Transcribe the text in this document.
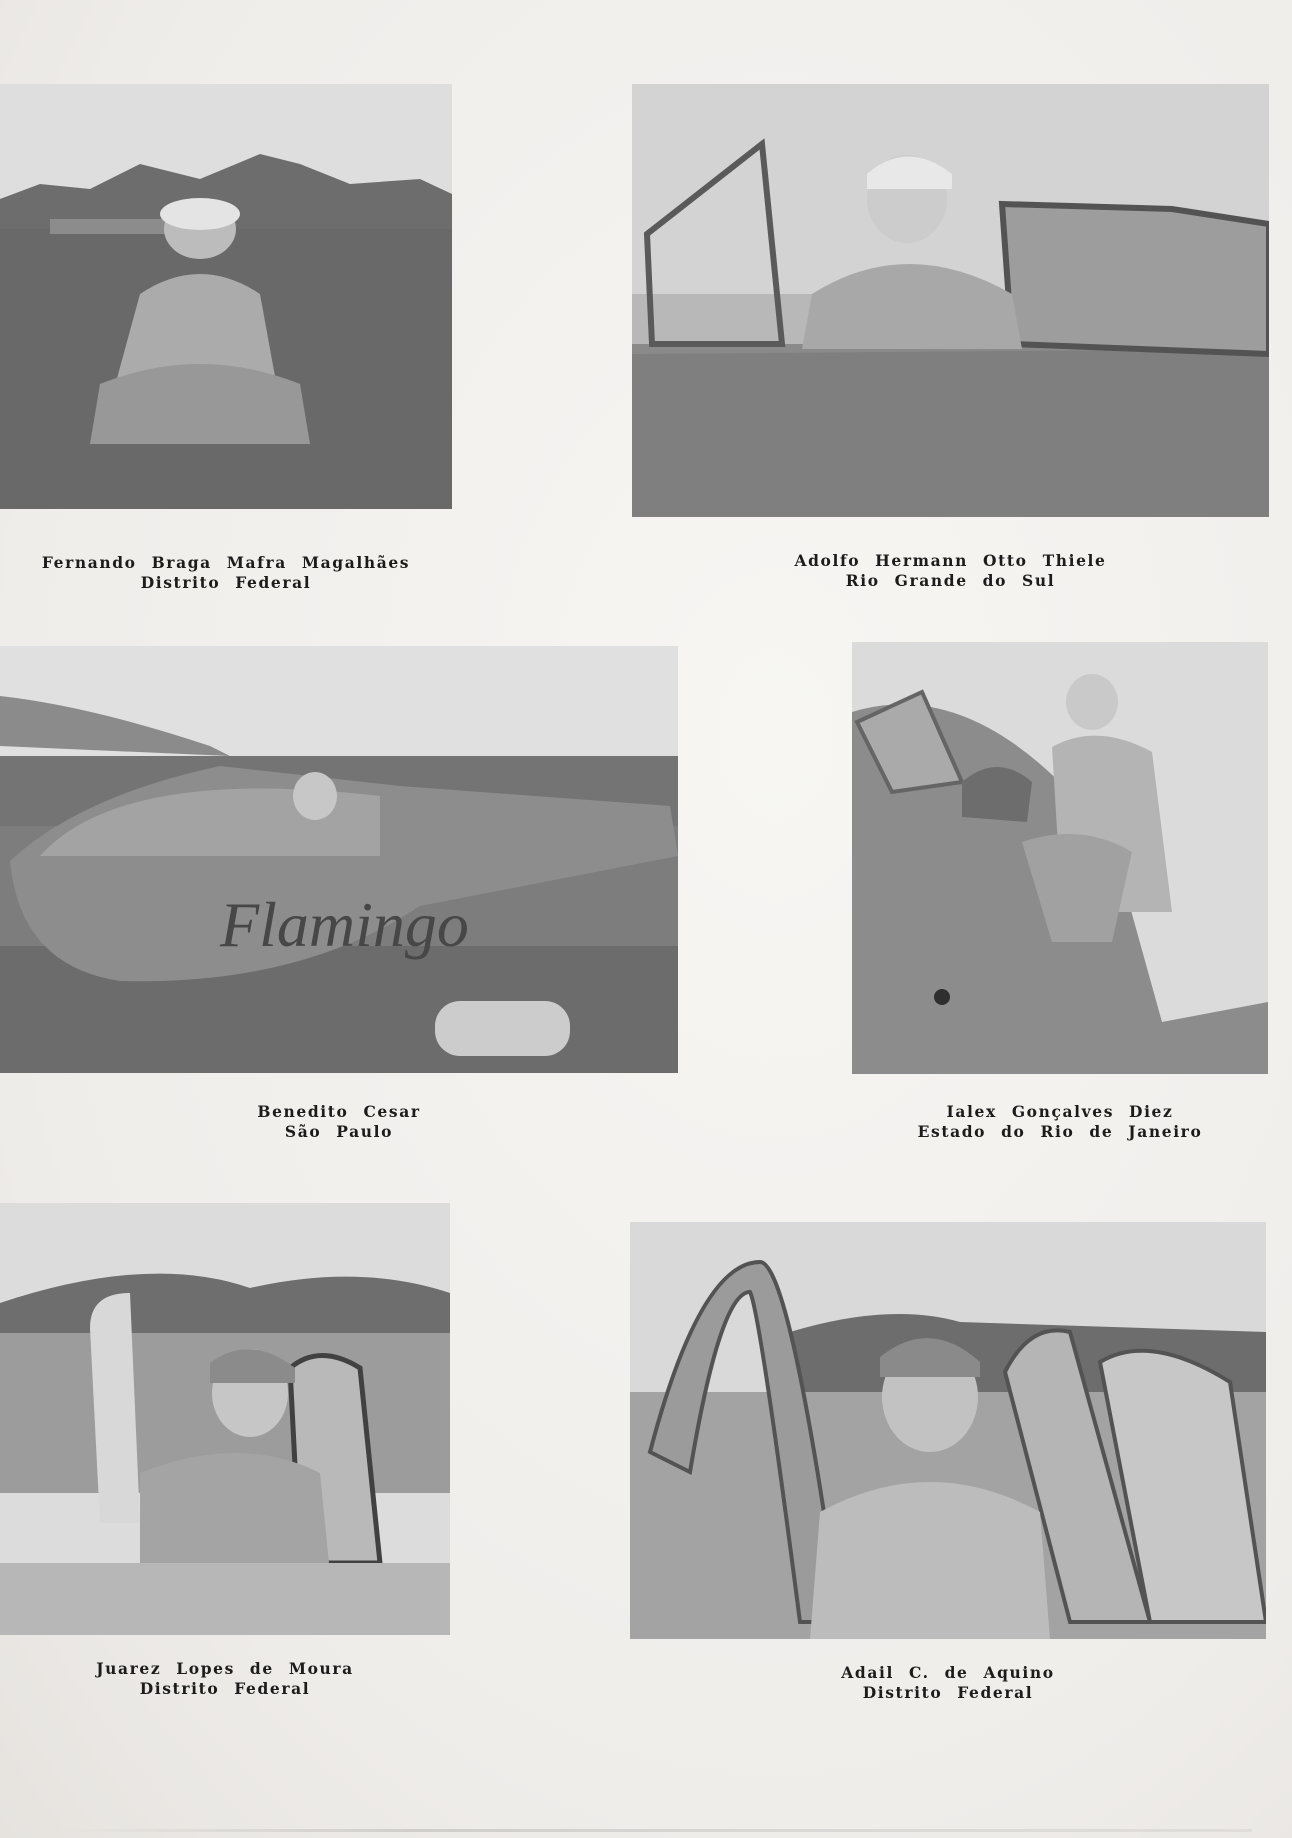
Fernando Braga Mafra Magalhães
Distrito Federal
Adolfo Hermann Otto Thiele
Rio Grande do Sul
Flamingo
Benedito Cesar
São Paulo
Ialex Gonçalves Diez
Estado do Rio de Janeiro
Juarez Lopes de Moura
Distrito Federal
Adail C. de Aquino
Distrito Federal
